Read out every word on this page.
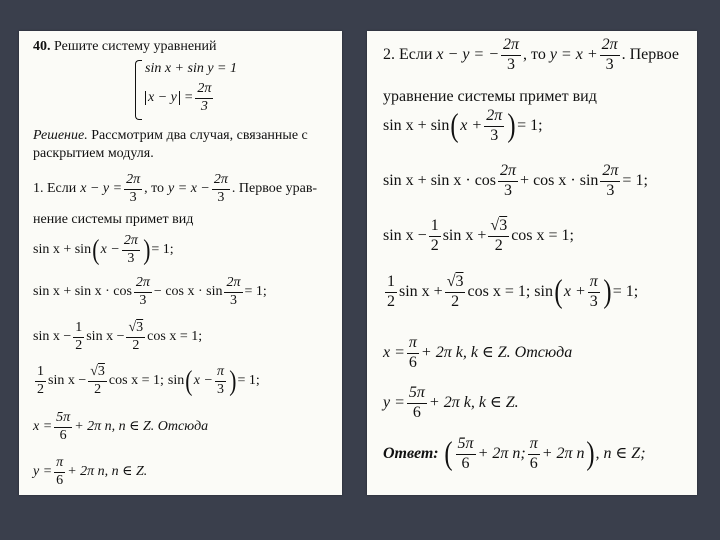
40. Решите систему уравнений
sin x + sin y = 1
$x - y = \frac{2\pi}{3}$
Решение. Рассмотрим два случая, связанные с
раскрытием модуля.
1. Если $x - y = \frac{2\pi}{3}$ , то $y = x - \frac{2\pi}{3}$ . Первое урав-
нение системы примет вид
sin x + sin ( $x - \frac{2\pi}{3}$ ) = 1;
$\sin x + \sin x \cdot \cos \frac{2\pi}{3} - \cos x \cdot \sin \frac{2\pi}{3} = 1$;
$\sin x - \frac{1}{2}$ sin x − √ $\frac{3}{2}$ cos x = 1;
$\frac{1}{2}$ sin x − √ $\frac{3}{2}$ cos x = 1; sin ( $x - \frac{\pi}{3}$ ) = 1;
$x = \frac{5\pi}{6} + 2\pi$ n, n ∈ Z. Отсюда
$y = \frac{\pi}{6} + 2\pi$ n, n ∈ Z.
2. Если x − y = − $\frac{2\pi}{3}$ , то $y = x + \frac{2\pi}{3}$ . Первое
уравнение системы примет вид
sin x + sin ( $x + \frac{2\pi}{3}$ ) = 1;
$\sin x + \sin x \cdot \cos \frac{2\pi}{3} + \cos x \cdot \sin \frac{2\pi}{3} = 1$;
$\sin x - \frac{1}{2}$ sin x + √ $\frac{3}{2}$ cos x = 1;
$\frac{1}{2}$ sin x + √ $\frac{3}{2}$ cos x = 1; sin ( $x + \frac{\pi}{3}$ ) = 1;
$x = \frac{\pi}{6} + 2\pi$ k, k ∈ Z. Отсюда
$y = \frac{5\pi}{6} + 2\pi$ k, k ∈ Z.
Ответ: ( $\frac{5\pi}{6} + 2\pi$ n; $\frac{\pi}{6} + 2\pi$ n ) , n ∈ Z;
